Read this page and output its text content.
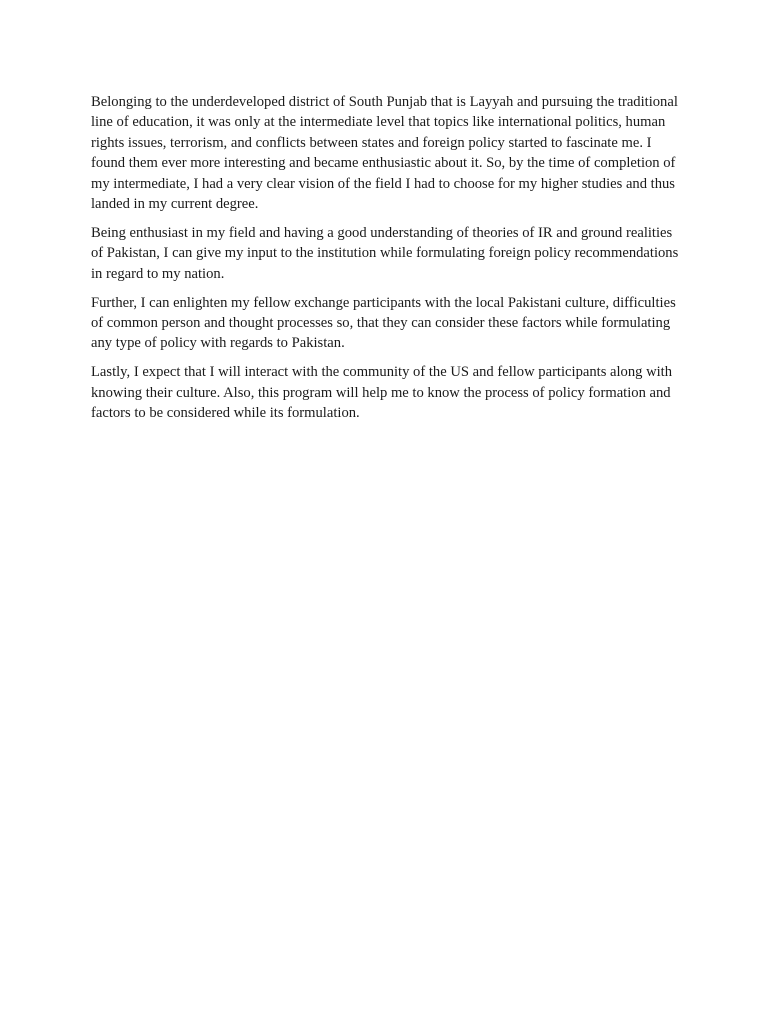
Belonging to the underdeveloped district of South Punjab that is Layyah and pursuing the traditional line of education, it was only at the intermediate level that topics like international politics, human rights issues, terrorism, and conflicts between states and foreign policy started to fascinate me. I found them ever more interesting and became enthusiastic about it. So, by the time of completion of my intermediate, I had a very clear vision of the field I had to choose for my higher studies and thus landed in my current degree.

Being enthusiast in my field and having a good understanding of theories of IR and ground realities of Pakistan, I can give my input to the institution while formulating foreign policy recommendations in regard to my nation.

Further, I can enlighten my fellow exchange participants with the local Pakistani culture, difficulties of common person and thought processes so, that they can consider these factors while formulating any type of policy with regards to Pakistan.

Lastly, I expect that I will interact with the community of the US and fellow participants along with knowing their culture. Also, this program will help me to know the process of policy formation and factors to be considered while its formulation.
